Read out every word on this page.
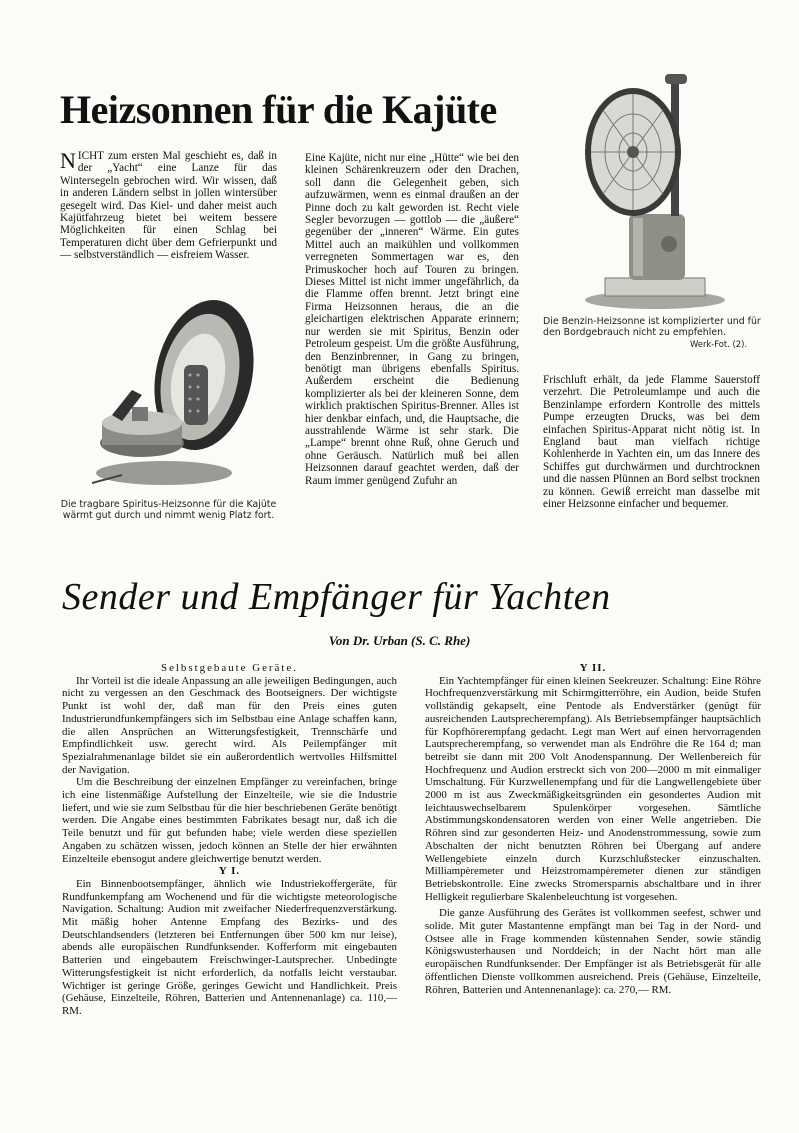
Heizsonnen für die Kajüte
N ICHT zum ersten Mal geschieht es, daß in der „Yacht“ eine Lanze für das Wintersegeln gebrochen wird. Wir wissen, daß in anderen Ländern selbst in jollen wintersüber gesegelt wird. Das Kiel- und daher meist auch Kajütfahrzeug bietet bei weitem bessere Möglichkeiten für einen Schlag bei Temperaturen dicht über dem Gefrierpunkt und — selbstverständlich — eisfreiem Wasser.
Die tragbare Spiritus-Heizsonne für die Kajüte wärmt gut durch und nimmt wenig Platz fort.
Eine Kajüte, nicht nur eine „Hütte“ wie bei den kleinen Schärenkreuzern oder den Drachen, soll dann die Gelegenheit geben, sich aufzuwärmen, wenn es einmal draußen an der Pinne doch zu kalt geworden ist. Recht viele Segler bevorzugen — gottlob — die „äußere“ gegenüber der „inneren“ Wärme. Ein gutes Mittel auch an maikühlen und vollkommen verregneten Sommertagen war es, den Primuskocher hoch auf Touren zu bringen. Dieses Mittel ist nicht immer ungefährlich, da die Flamme offen brennt. Jetzt bringt eine Firma Heizsonnen heraus, die an die gleichartigen elektrischen Apparate erinnern; nur werden sie mit Spiritus, Benzin oder Petroleum gespeist. Um die größte Ausführung, den Benzinbrenner, in Gang zu bringen, benötigt man übrigens ebenfalls Spiritus. Außerdem erscheint die Bedienung komplizierter als bei der kleineren Sonne, dem wirklich praktischen Spiritus-Brenner. Alles ist hier denkbar einfach, und, die Hauptsache, die ausstrahlende Wärme ist sehr stark. Die „Lampe“ brennt ohne Ruß, ohne Geruch und ohne Geräusch. Natürlich muß bei allen Heizsonnen darauf geachtet werden, daß der Raum immer genügend Zufuhr an
Die Benzin-Heizsonne ist komplizierter und für den Bordgebrauch nicht zu empfehlen.
Werk-Fot. (2).
Frischluft erhält, da jede Flamme Sauerstoff verzehrt. Die Petroleumlampe und auch die Benzinlampe erfordern Kontrolle des mittels Pumpe erzeugten Drucks, was bei dem einfachen Spiritus-Apparat nicht nötig ist. In England baut man vielfach richtige Kohlenherde in Yachten ein, um das Innere des Schiffes gut durchwärmen und durchtrocknen und die nassen Plünnen an Bord selbst trocknen zu können. Gewiß erreicht man dasselbe mit einer Heizsonne einfacher und bequemer.
Sender und Empfänger für Yachten
Von Dr. Urban (S. C. Rhe)

Selbstgebaute Geräte.

Ihr Vorteil ist die ideale Anpassung an alle jeweiligen Bedingungen, auch nicht zu vergessen an den Geschmack des Bootseigners. Der wichtigste Punkt ist wohl der, daß man für den Preis eines guten Industrierundfunkempfängers sich im Selbstbau eine Anlage schaffen kann, die allen Ansprüchen an Witterungsfestigkeit, Trennschärfe und Empfindlichkeit usw. gerecht wird. Als Peilempfänger mit Spezialrahmenanlage bildet sie ein außerordentlich wertvolles Hilfsmittel der Navigation.

Um die Beschreibung der einzelnen Empfänger zu vereinfachen, bringe ich eine listenmäßige Aufstellung der Einzelteile, wie sie die Industrie liefert, und wie sie zum Selbstbau für die hier beschriebenen Geräte benötigt werden. Die Angabe eines bestimmten Fabrikates besagt nur, daß ich die Teile benutzt und für gut befunden habe; viele werden diese speziellen Angaben zu schätzen wissen, jedoch können an Stelle der hier erwähnten Einzelteile ebensogut andere gleichwertige benutzt werden.

Y I.

Ein Binnenbootsempfänger, ähnlich wie Industriekoffergeräte, für Rundfunkempfang am Wochenend und für die wichtigste meteorologische Navigation. Schaltung: Audion mit zweifacher Niederfrequenzverstärkung. Mit mäßig hoher Antenne Empfang des Bezirks- und des Deutschlandsenders (letzteren bei Entfernungen über 500 km nur leise), abends alle europäischen Rundfunksender. Kofferform mit eingebauten Batterien und eingebautem Freischwinger-Lautsprecher. Unbedingte Witterungsfestigkeit ist nicht erforderlich, da notfalls leicht verstaubar. Wichtiger ist geringe Größe, geringes Gewicht und Handlichkeit. Preis (Gehäuse, Einzelteile, Röhren, Batterien und Antennenanlage) ca. 110,— RM.

Y II.

Ein Yachtempfänger für einen kleinen Seekreuzer. Schaltung: Eine Röhre Hochfrequenzverstärkung mit Schirmgitterröhre, ein Audion, beide Stufen vollständig gekapselt, eine Pentode als Endverstärker (genügt für ausreichenden Lautsprecherempfang). Als Betriebsempfänger hauptsächlich für Kopfhörerempfang gedacht. Legt man Wert auf einen hervorragenden Lautsprecherempfang, so verwendet man als Endröhre die Re 164 d; man betreibt sie dann mit 200 Volt Anodenspannung. Der Wellenbereich für Hochfrequenz und Audion erstreckt sich von 200—2000 m mit einmaliger Umschaltung. Für Kurzwellenempfang und für die Langwellengebiete über 2000 m ist aus Zweckmäßigkeitsgründen ein gesondertes Audion mit leichtauswechselbarem Spulenkörper vorgesehen. Sämtliche Abstimmungskondensatoren werden von einer Welle angetrieben. Die Röhren sind zur gesonderten Heiz- und Anodenstrommessung, sowie zum Abschalten der nicht benutzten Röhren bei Übergang auf andere Wellengebiete einzeln durch Kurzschlußstecker einzuschalten. Milliampèremeter und Heizstromampèremeter dienen zur ständigen Betriebskontrolle. Eine zwecks Stromersparnis abschaltbare und in ihrer Helligkeit regulierbare Skalenbeleuchtung ist vorgesehen.

Die ganze Ausführung des Gerätes ist vollkommen seefest, schwer und solide. Mit guter Mastantenne empfängt man bei Tag in der Nord- und Ostsee alle in Frage kommenden küstennahen Sender, sowie ständig Königswusterhausen und Norddeich; in der Nacht hört man alle europäischen Rundfunksender. Der Empfänger ist als Betriebsgerät für alle öffentlichen Dienste vollkommen ausreichend. Preis (Gehäuse, Einzelteile, Röhren, Batterien und Antennenanlage): ca. 270,— RM.
